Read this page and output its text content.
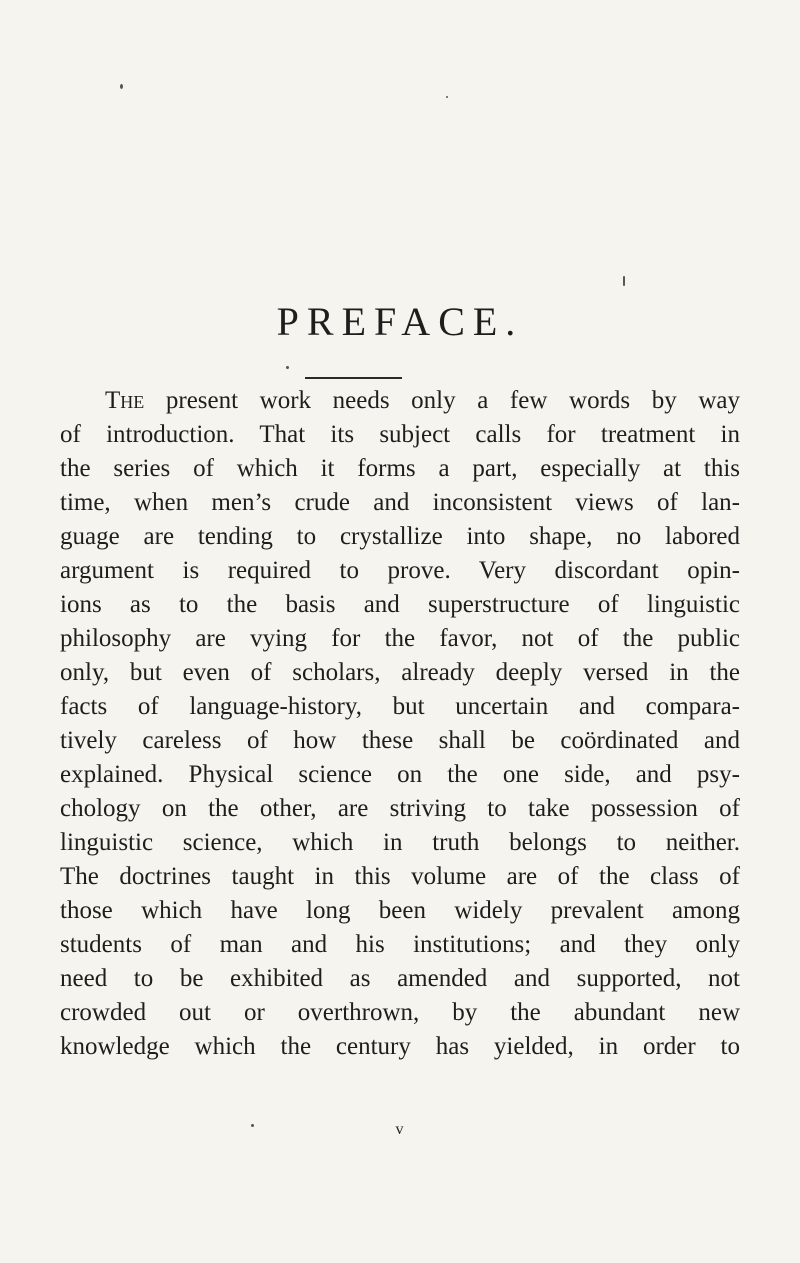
PREFACE.
The present work needs only a few words by way
of introduction. That its subject calls for treatment in
the series of which it forms a part, especially at this
time, when men’s crude and inconsistent views of lan-
guage are tending to crystallize into shape, no labored
argument is required to prove. Very discordant opin-
ions as to the basis and superstructure of linguistic
philosophy are vying for the favor, not of the public
only, but even of scholars, already deeply versed in the
facts of language-history, but uncertain and compara-
tively careless of how these shall be coördinated and
explained. Physical science on the one side, and psy-
chology on the other, are striving to take possession of
linguistic science, which in truth belongs to neither.
The doctrines taught in this volume are of the class of
those which have long been widely prevalent among
students of man and his institutions; and they only
need to be exhibited as amended and supported, not
crowded out or overthrown, by the abundant new
knowledge which the century has yielded, in order to
v
